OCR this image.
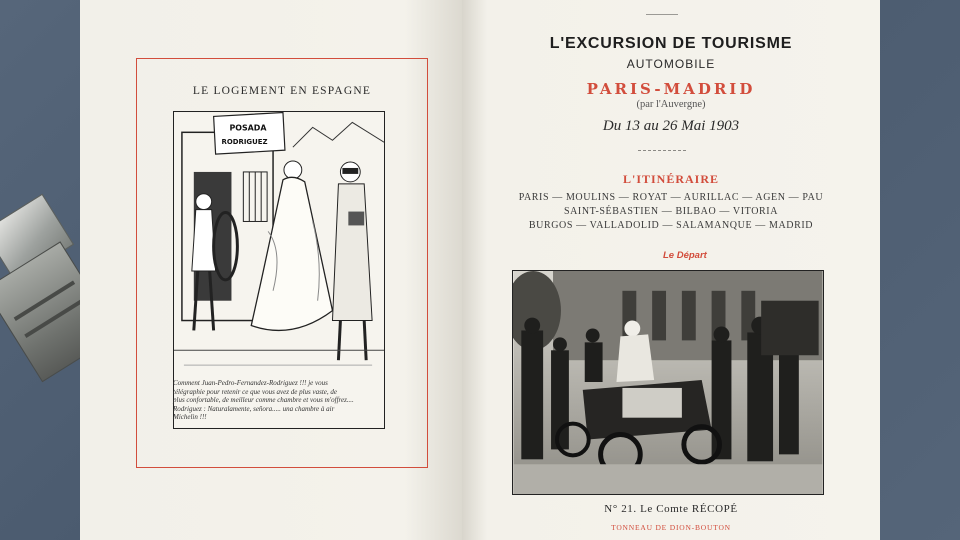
LE LOGEMENT EN ESPAGNE
POSADA
RODRIGUEZ
Comment Juan-Pedro-Fernandez-Rodriguez !!! je vous
télégraphie pour retenir ce que vous avez de plus vaste, de
plus confortable, de meilleur comme chambre et vous m'offrez....
Rodriguez : Naturalamente, señora..... una chambre à air
Michelin !!!
L'EXCURSION DE TOURISME
AUTOMOBILE
PARIS-MADRID
(par l'Auvergne)
Du 13 au 26 Mai 1903
L'ITINÉRAIRE
PARIS — MOULINS — ROYAT — AURILLAC — AGEN — PAU
SAINT-SÉBASTIEN — BILBAO — VITORIA
BURGOS — VALLADOLID — SALAMANQUE — MADRID
N° 21. Le Comte RÉCOPÉ
TONNEAU DE DION-BOUTON
Le Départ
